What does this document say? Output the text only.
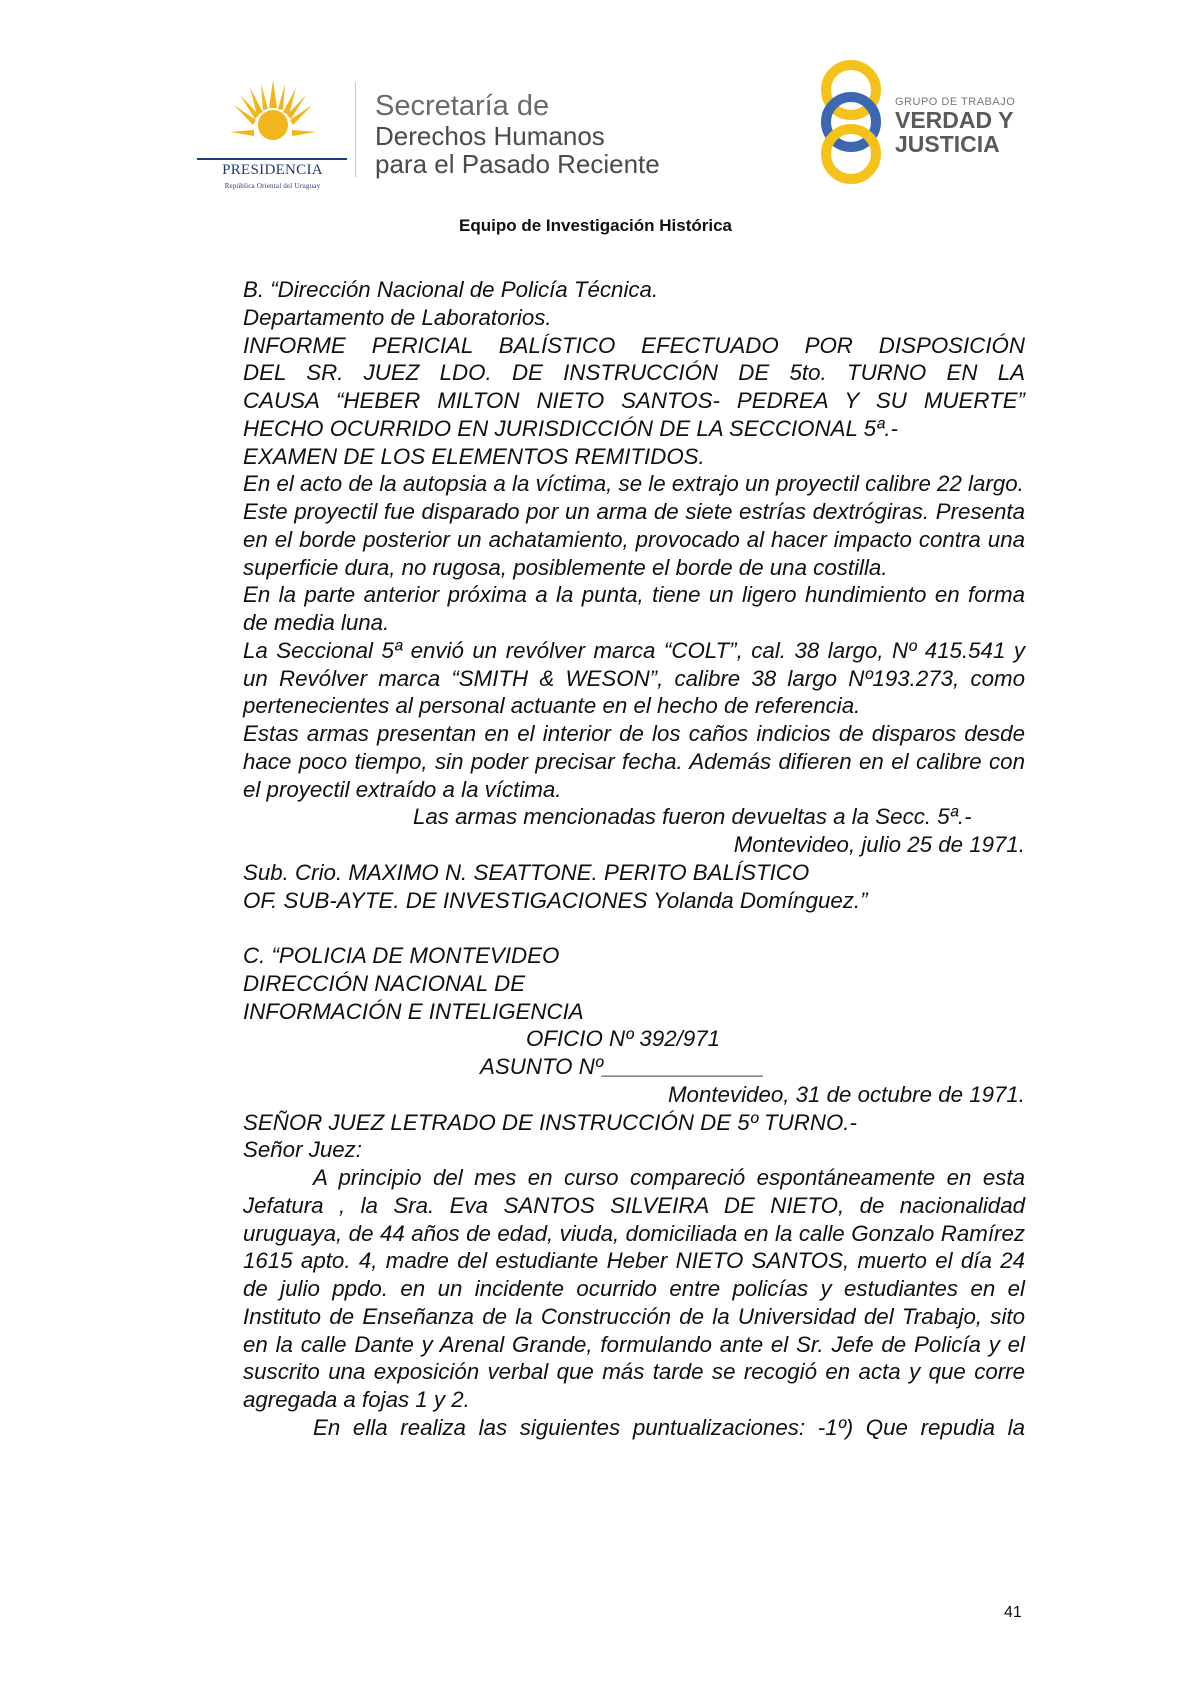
PRESIDENCIA
República Oriental del Uruguay
Secretaría de
Derechos Humanos
para el Pasado Reciente
GRUPO DE TRABAJO
VERDAD Y
JUSTICIA
Equipo de Investigación Histórica

B. “Dirección Nacional de Policía Técnica.

Departamento de Laboratorios.

INFORME PERICIAL BALÍSTICO EFECTUADO POR DISPOSICIÓN

DEL SR. JUEZ LDO. DE INSTRUCCIÓN DE 5to. TURNO EN LA

CAUSA “HEBER MILTON NIETO SANTOS- PEDREA Y SU MUERTE”

HECHO OCURRIDO EN JURISDICCIÓN DE LA SECCIONAL 5ª.-

EXAMEN DE LOS ELEMENTOS REMITIDOS.

En el acto de la autopsia a la víctima, se le extrajo un proyectil calibre 22 largo.

Este proyectil fue disparado por un arma de siete estrías dextrógiras. Presenta en el borde posterior un achatamiento, provocado al hacer impacto contra una superficie dura, no rugosa, posiblemente el borde de una costilla.

En la parte anterior próxima a la punta, tiene un ligero hundimiento en forma de media luna.

La Seccional 5ª envió un revólver marca “COLT”, cal. 38 largo, Nº 415.541 y un Revólver marca “SMITH & WESON”, calibre 38 largo Nº193.273, como pertenecientes al personal actuante en el hecho de referencia.

Estas armas presentan en el interior de los caños indicios de disparos desde hace poco tiempo, sin poder precisar fecha. Además difieren en el calibre con el proyectil extraído a la víctima.

Las armas mencionadas fueron devueltas a la Secc. 5ª.-

Montevideo, julio 25 de 1971.

Sub. Crio. MAXIMO N. SEATTONE. PERITO BALÍSTICO

OF. SUB-AYTE. DE INVESTIGACIONES Yolanda Domínguez.”

C. “POLICIA DE MONTEVIDEO

DIRECCIÓN NACIONAL DE

INFORMACIÓN E INTELIGENCIA

OFICIO Nº 392/971

ASUNTO Nº_____________

Montevideo, 31 de octubre de 1971.

SEÑOR JUEZ LETRADO DE INSTRUCCIÓN DE 5º TURNO.-

Señor Juez:

A principio del mes en curso compareció espontáneamente en esta Jefatura , la Sra. Eva SANTOS SILVEIRA DE NIETO, de nacionalidad uruguaya, de 44 años de edad, viuda, domiciliada en la calle Gonzalo Ramírez 1615 apto. 4, madre del estudiante Heber NIETO SANTOS, muerto el día 24 de julio ppdo. en un incidente ocurrido entre policías y estudiantes en el Instituto de Enseñanza de la Construcción de la Universidad del Trabajo, sito en la calle Dante y Arenal Grande, formulando ante el Sr. Jefe de Policía y el suscrito una exposición verbal que más tarde se recogió en acta y que corre agregada a fojas 1 y 2.

En ella realiza las siguientes puntualizaciones: -1º) Que repudia la

41
